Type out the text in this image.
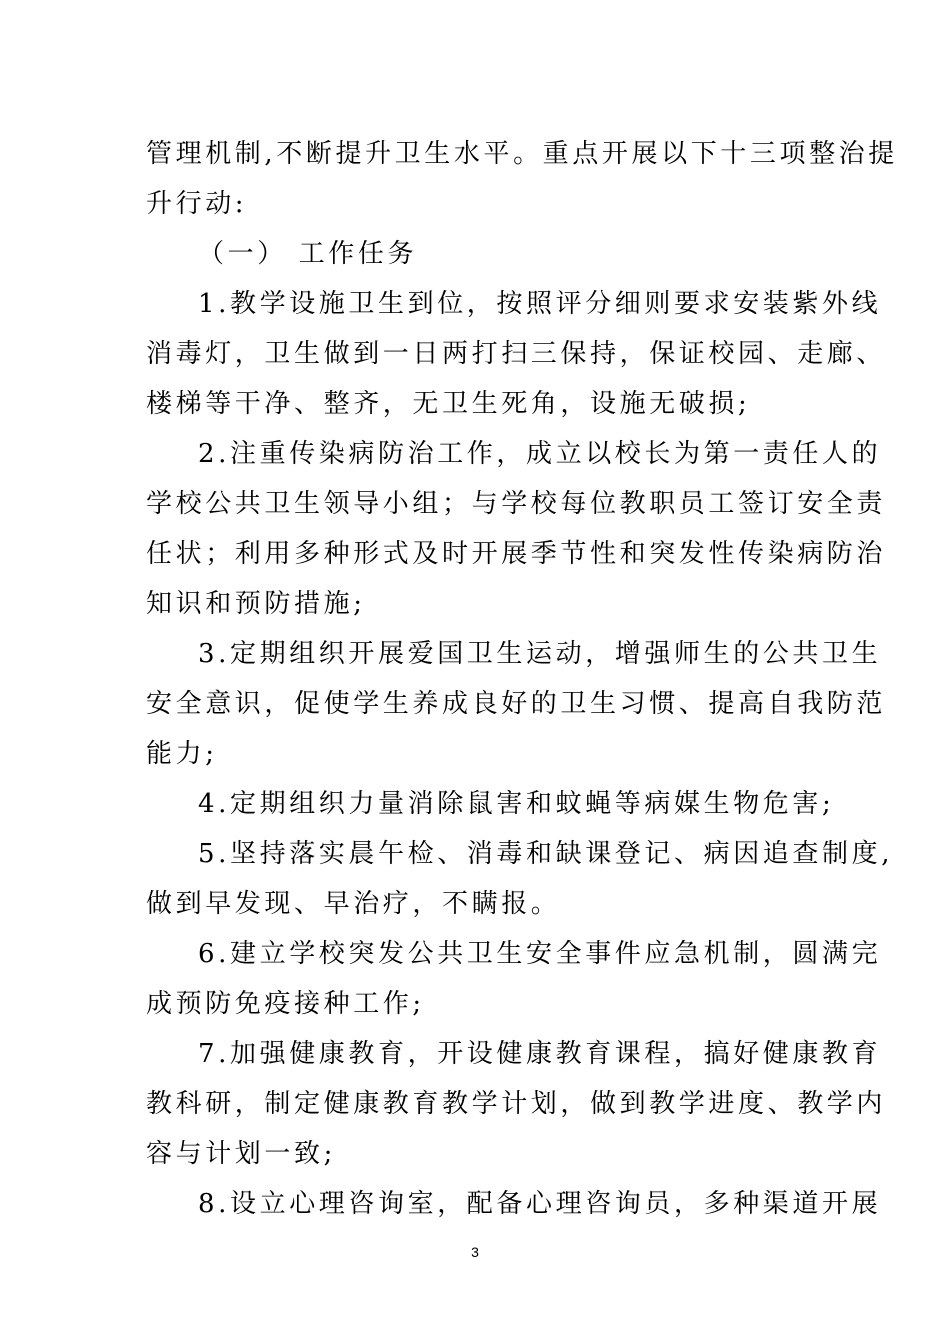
管理机制,不断提升卫生水平。重点开展以下十三项整治提
升行动:
（一） 工作任务
1.教学设施卫生到位，按照评分细则要求安装紫外线
消毒灯，卫生做到一日两打扫三保持，保证校园、走廊、
楼梯等干净、整齐，无卫生死角，设施无破损;
2.注重传染病防治工作，成立以校长为第一责任人的
学校公共卫生领导小组；与学校每位教职员工签订安全责
任状；利用多种形式及时开展季节性和突发性传染病防治
知识和预防措施;
3.定期组织开展爱国卫生运动，增强师生的公共卫生
安全意识，促使学生养成良好的卫生习惯、提高自我防范
能力;
4.定期组织力量消除鼠害和蚊蝇等病媒生物危害;
5.坚持落实晨午检、消毒和缺课登记、病因追查制度,
做到早发现、早治疗，不瞒报。
6.建立学校突发公共卫生安全事件应急机制，圆满完
成预防免疫接种工作;
7.加强健康教育，开设健康教育课程，搞好健康教育
教科研，制定健康教育教学计划，做到教学进度、教学内
容与计划一致;
8.设立心理咨询室，配备心理咨询员，多种渠道开展
3
